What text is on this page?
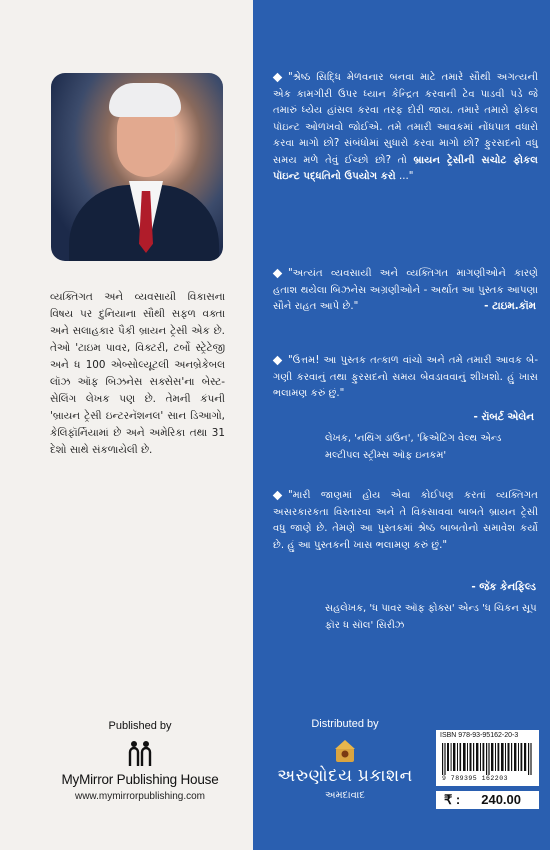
વ્યક્તિગત અને વ્યવસાયી વિકાસના વિષય પર દુનિયાના સૌથી સફળ વક્તા અને સલાહકાર પૈકી બ્રાયન ટ્રેસી એક છે. તેઓ 'ટાઇમ પાવર, વિક્ટરી, ટર્બો સ્ટ્રેટેજી અને ધ 100 એબ્સોલ્યૂટલી અનબ્રેકેબલ લૉઝ ઑફ બિઝનેસ સક્સેસ'ના બેસ્ટ-સેલિંગ લેખક પણ છે. તેમની કંપની 'બ્રાયન ટ્રેસી ઇન્ટરનૅશનલ' સાન ડિઆગો, કેલિફૉર્નિયામાં છે અને અમેરિકા તથા 31 દેશો સાથે સંકળાયેલી છે.
Published by
MyMirror Publishing House
www.mymirrorpublishing.com
"શ્રેષ્ઠ સિદ્ધિ મેળવનાર બનવા માટે તમારે સૌથી અગત્યની એક કામગીરી ઉપર ધ્યાન કેન્દ્રિત કરવાની ટેવ પાડવી પડે જે તમારું ધ્યેય હાંસલ કરવા તરફ દોરી જાય. તમારે તમારો ફોકલ પૉઇન્ટ ઓળખવો જોઈએ. તમે તમારી આવકમાં નોંધપાત્ર વધારો કરવા માગો છો? સંબંધોમાં સુધારો કરવા માગો છો? ફુરસદનો વધુ સમય મળે તેવું ઈચ્છો છો? તો બ્રાયન ટ્રેસીની સચોટ ફોકલ પૉઇન્ટ પદ્ધતિનો ઉપયોગ કરો ..."
"અત્યંત વ્યવસાયી અને વ્યક્તિગત માગણીઓને કારણે હતાશ થયેલા બિઝનેસ અગ્રણીઓને - અર્થાત આ પુસ્તક આપણા સૌને રાહત આપે છે."	- ટાઇમ.કૉમ
"ઉત્તમ! આ પુસ્તક તત્કાળ વાંચો અને તમે તમારી આવક બે-ગણી કરવાનું તથા ફુરસદનો સમય બેવડાવવાનું શીખશો. હું ખાસ ભલામણ કરું છું."
- રૉબર્ટ એલેન
લેખક, 'નથિંગ ડાઉન', 'ક્રિએટિંગ વેલ્થ એન્ડ મલ્ટીપલ સ્ટ્રીમ્સ ઑફ ઇનકમ'
"મારી જાણમાં હોય એવા કોઈપણ કરતાં વ્યક્તિગત અસરકારકતા વિસ્તારવા અને તે વિકસાવવા બાબતે બ્રાયન ટ્રેસી વધુ જાણે છે. તેમણે આ પુસ્તકમાં શ્રેષ્ઠ બાબતોનો સમાવેશ કર્યો છે. હું આ પુસ્તકની ખાસ ભલામણ કરું છું."
- જૅક કેનફિલ્ડ
સહલેખક, 'ધ પાવર ઑફ ફોક્સ' એન્ડ 'ધ ચિકન સૂપ ફૉર ધ સૉલ' સિરીઝ
Distributed by
અરુણોદય પ્રકાશન
અમદાવાદ
ISBN 978-93-95162-20-3
9 789395 162203
₹ : 240.00
